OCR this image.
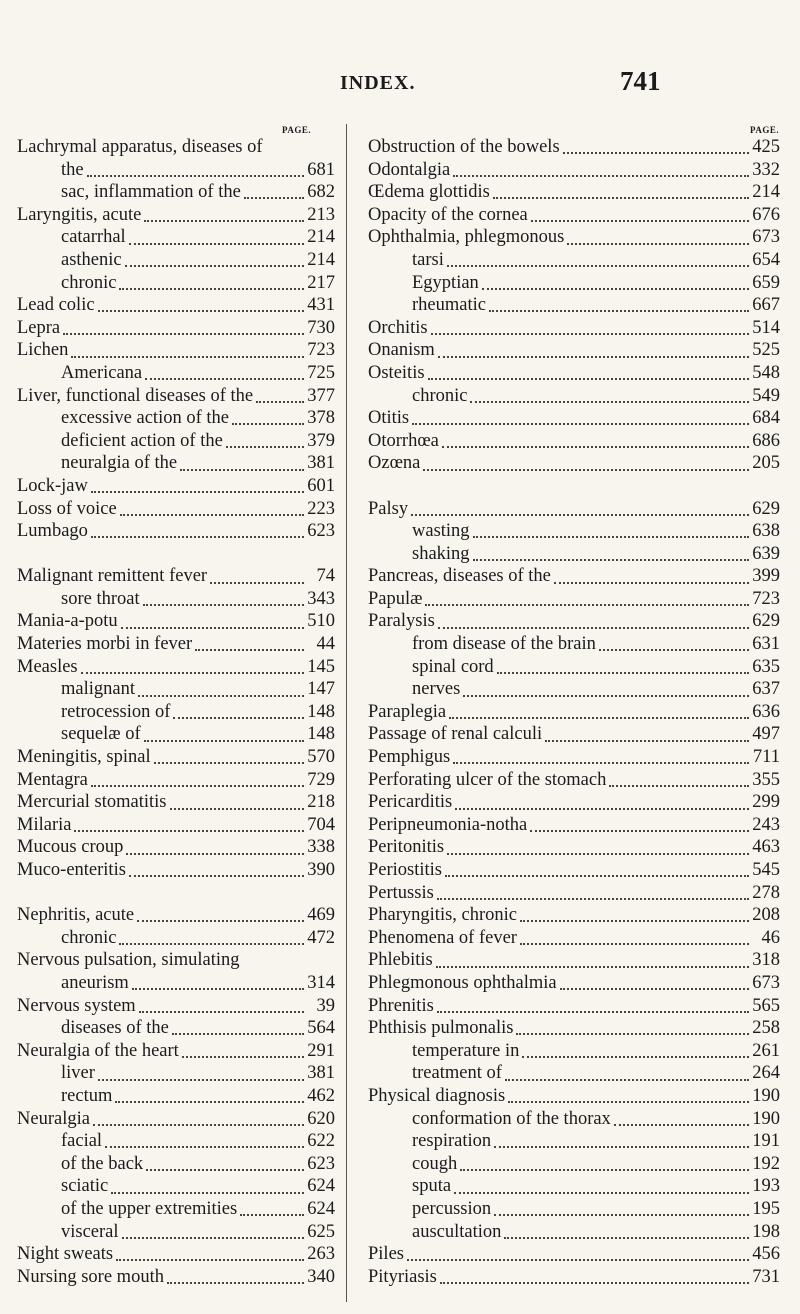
INDEX.	741
PAGE.	PAGE.
Lachrymal apparatus, diseases of
the	681
sac, inflammation of the	682
Laryngitis, acute	213
catarrhal	214
asthenic	214
chronic	217
Lead colic	431
Lepra	730
Lichen	723
Americana	725
Liver, functional diseases of the	377
excessive action of the	378
deficient action of the	379
neuralgia of the	381
Lock-jaw	601
Loss of voice	223
Lumbago	623
Malignant remittent fever	74
sore throat	343
Mania-a-potu	510
Materies morbi in fever	44
Measles	145
malignant	147
retrocession of	148
sequelæ of	148
Meningitis, spinal	570
Mentagra	729
Mercurial stomatitis	218
Milaria	704
Mucous croup	338
Muco-enteritis	390
Nephritis, acute	469
chronic	472
Nervous pulsation, simulating
aneurism	314
Nervous system	39
diseases of the	564
Neuralgia of the heart	291
liver	381
rectum	462
Neuralgia	620
facial	622
of the back	623
sciatic	624
of the upper extremities	624
visceral	625
Night sweats	263
Nursing sore mouth	340
Obstruction of the bowels	425
Odontalgia	332
Œdema glottidis	214
Opacity of the cornea	676
Ophthalmia, phlegmonous	673
tarsi	654
Egyptian	659
rheumatic	667
Orchitis	514
Onanism	525
Osteitis	548
chronic	549
Otitis	684
Otorrhœa	686
Ozœna	205
Palsy	629
wasting	638
shaking	639
Pancreas, diseases of the	399
Papulæ	723
Paralysis	629
from disease of the brain	631
spinal cord	635
nerves	637
Paraplegia	636
Passage of renal calculi	497
Pemphigus	711
Perforating ulcer of the stomach	355
Pericarditis	299
Peripneumonia-notha	243
Peritonitis	463
Periostitis	545
Pertussis	278
Pharyngitis, chronic	208
Phenomena of fever	46
Phlebitis	318
Phlegmonous ophthalmia	673
Phrenitis	565
Phthisis pulmonalis	258
temperature in	261
treatment of	264
Physical diagnosis	190
conformation of the thorax	190
respiration	191
cough	192
sputa	193
percussion	195
auscultation	198
Piles	456
Pityriasis	731
